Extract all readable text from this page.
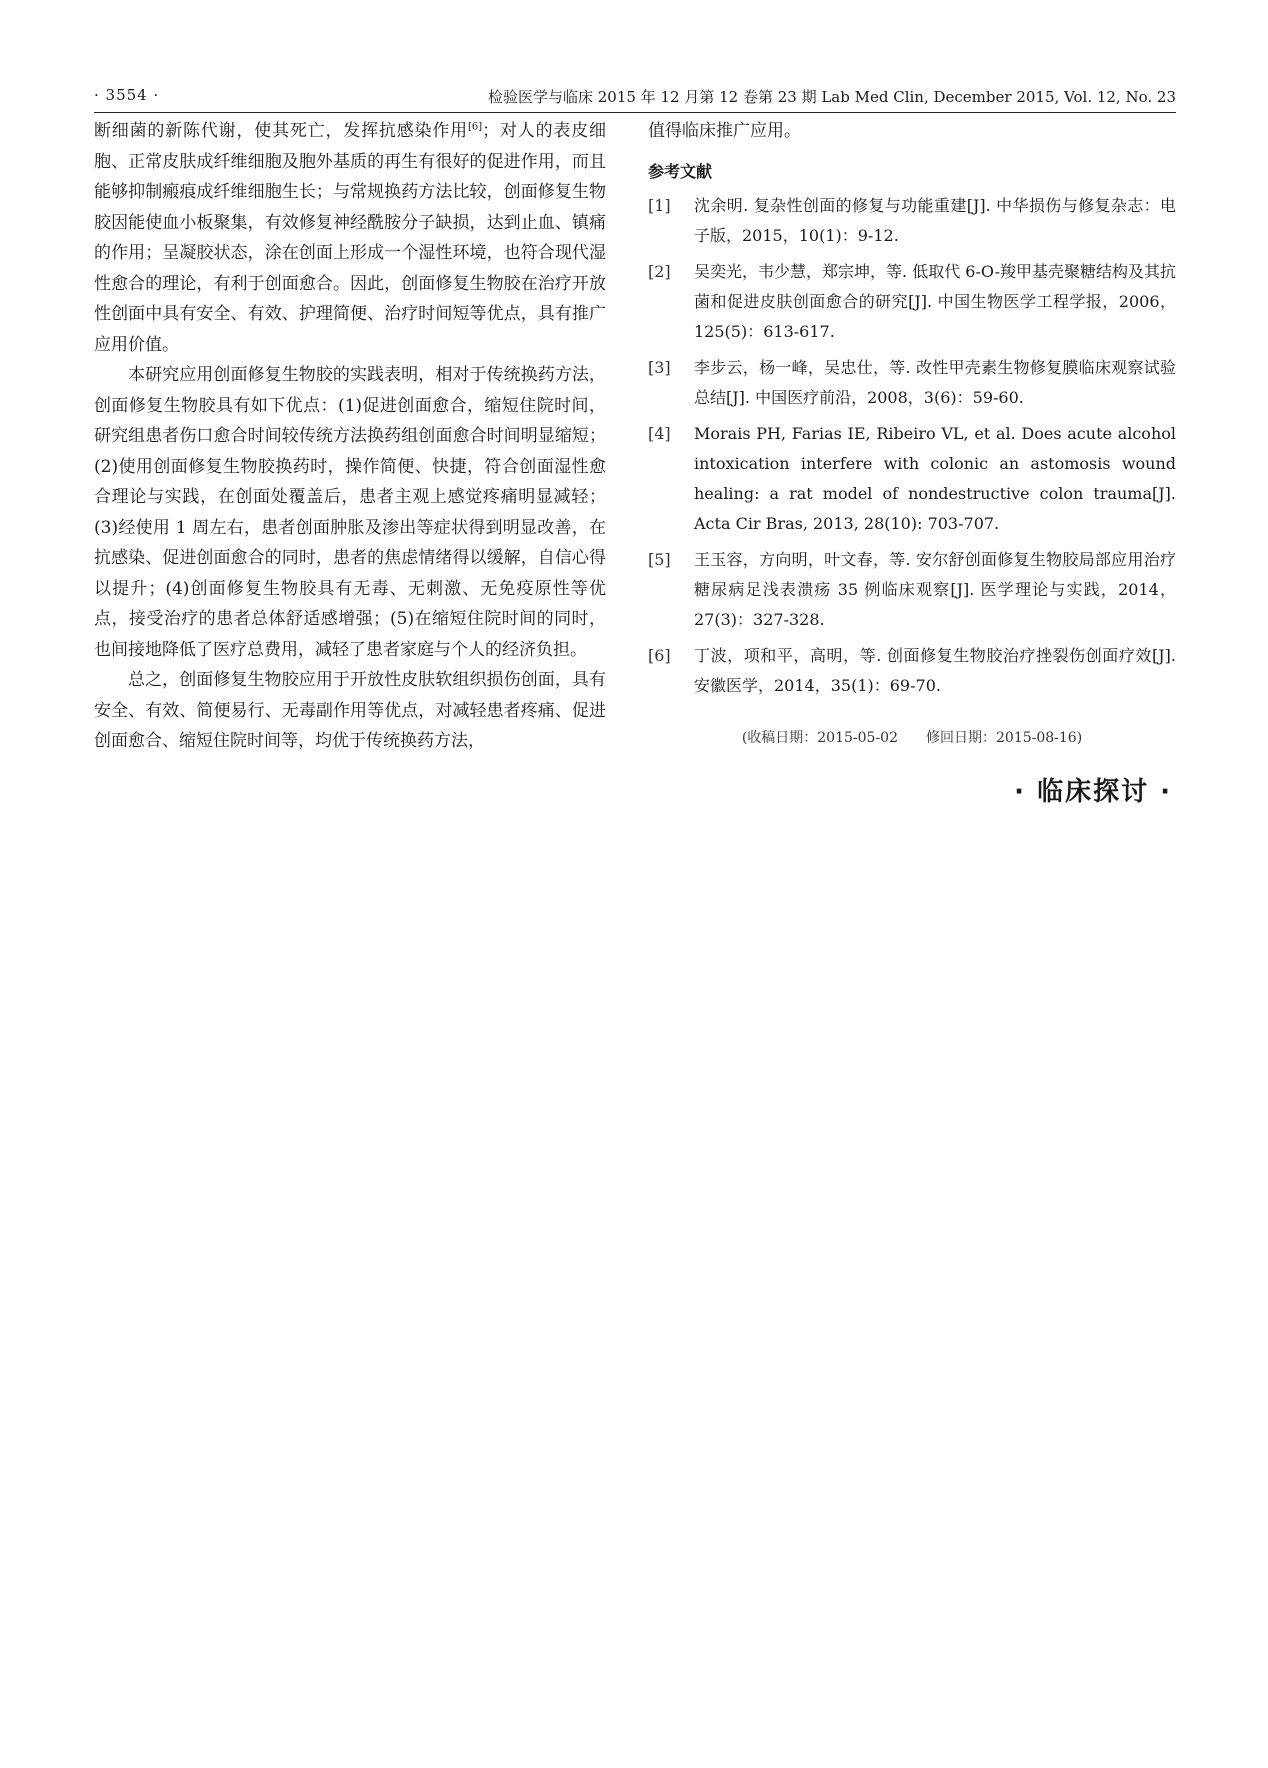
· 3554 ·	检验医学与临床 2015 年 12 月第 12 卷第 23 期 Lab Med Clin, December 2015, Vol. 12, No. 23

断细菌的新陈代谢，使其死亡，发挥抗感染作用[6]；对人的表皮细胞、正常皮肤成纤维细胞及胞外基质的再生有很好的促进作用，而且能够抑制瘢痕成纤维细胞生长；与常规换药方法比较，创面修复生物胶因能使血小板聚集，有效修复神经酰胺分子缺损，达到止血、镇痛的作用；呈凝胶状态，涂在创面上形成一个湿性环境，也符合现代湿性愈合的理论，有利于创面愈合。因此，创面修复生物胶在治疗开放性创面中具有安全、有效、护理简便、治疗时间短等优点，具有推广应用价值。

本研究应用创面修复生物胶的实践表明，相对于传统换药方法，创面修复生物胶具有如下优点：(1)促进创面愈合，缩短住院时间，研究组患者伤口愈合时间较传统方法换药组创面愈合时间明显缩短；(2)使用创面修复生物胶换药时，操作简便、快捷，符合创面湿性愈合理论与实践，在创面处覆盖后，患者主观上感觉疼痛明显减轻；(3)经使用 1 周左右，患者创面肿胀及渗出等症状得到明显改善，在抗感染、促进创面愈合的同时，患者的焦虑情绪得以缓解，自信心得以提升；(4)创面修复生物胶具有无毒、无刺激、无免疫原性等优点，接受治疗的患者总体舒适感增强；(5)在缩短住院时间的同时，也间接地降低了医疗总费用，减轻了患者家庭与个人的经济负担。

总之，创面修复生物胶应用于开放性皮肤软组织损伤创面，具有安全、有效、简便易行、无毒副作用等优点，对减轻患者疼痛、促进创面愈合、缩短住院时间等，均优于传统换药方法，

值得临床推广应用。

参考文献
[1] 沈余明. 复杂性创面的修复与功能重建[J]. 中华损伤与修复杂志：电子版，2015，10(1)：9-12.
[2] 吴奕光，韦少慧，郑宗坤，等. 低取代 6-O-羧甲基壳聚糖结构及其抗菌和促进皮肤创面愈合的研究[J]. 中国生物医学工程学报，2006，125(5)：613-617.
[3] 李步云，杨一峰，吴忠仕，等. 改性甲壳素生物修复膜临床观察试验总结[J]. 中国医疗前沿，2008，3(6)：59-60.
[4] Morais PH, Farias IE, Ribeiro VL, et al. Does acute alcohol intoxication interfere with colonic an astomosis wound healing: a rat model of nondestructive colon trauma[J]. Acta Cir Bras, 2013, 28(10): 703-707.
[5] 王玉容，方向明，叶文春，等. 安尔舒创面修复生物胶局部应用治疗糖尿病足浅表溃疡 35 例临床观察[J]. 医学理论与实践，2014，27(3)：327-328.
[6] 丁波，项和平，高明，等. 创面修复生物胶治疗挫裂伤创面疗效[J]. 安徽医学，2014，35(1)：69-70.
(收稿日期：2015-05-02 修回日期：2015-08-16)
· 临床探讨 ·
